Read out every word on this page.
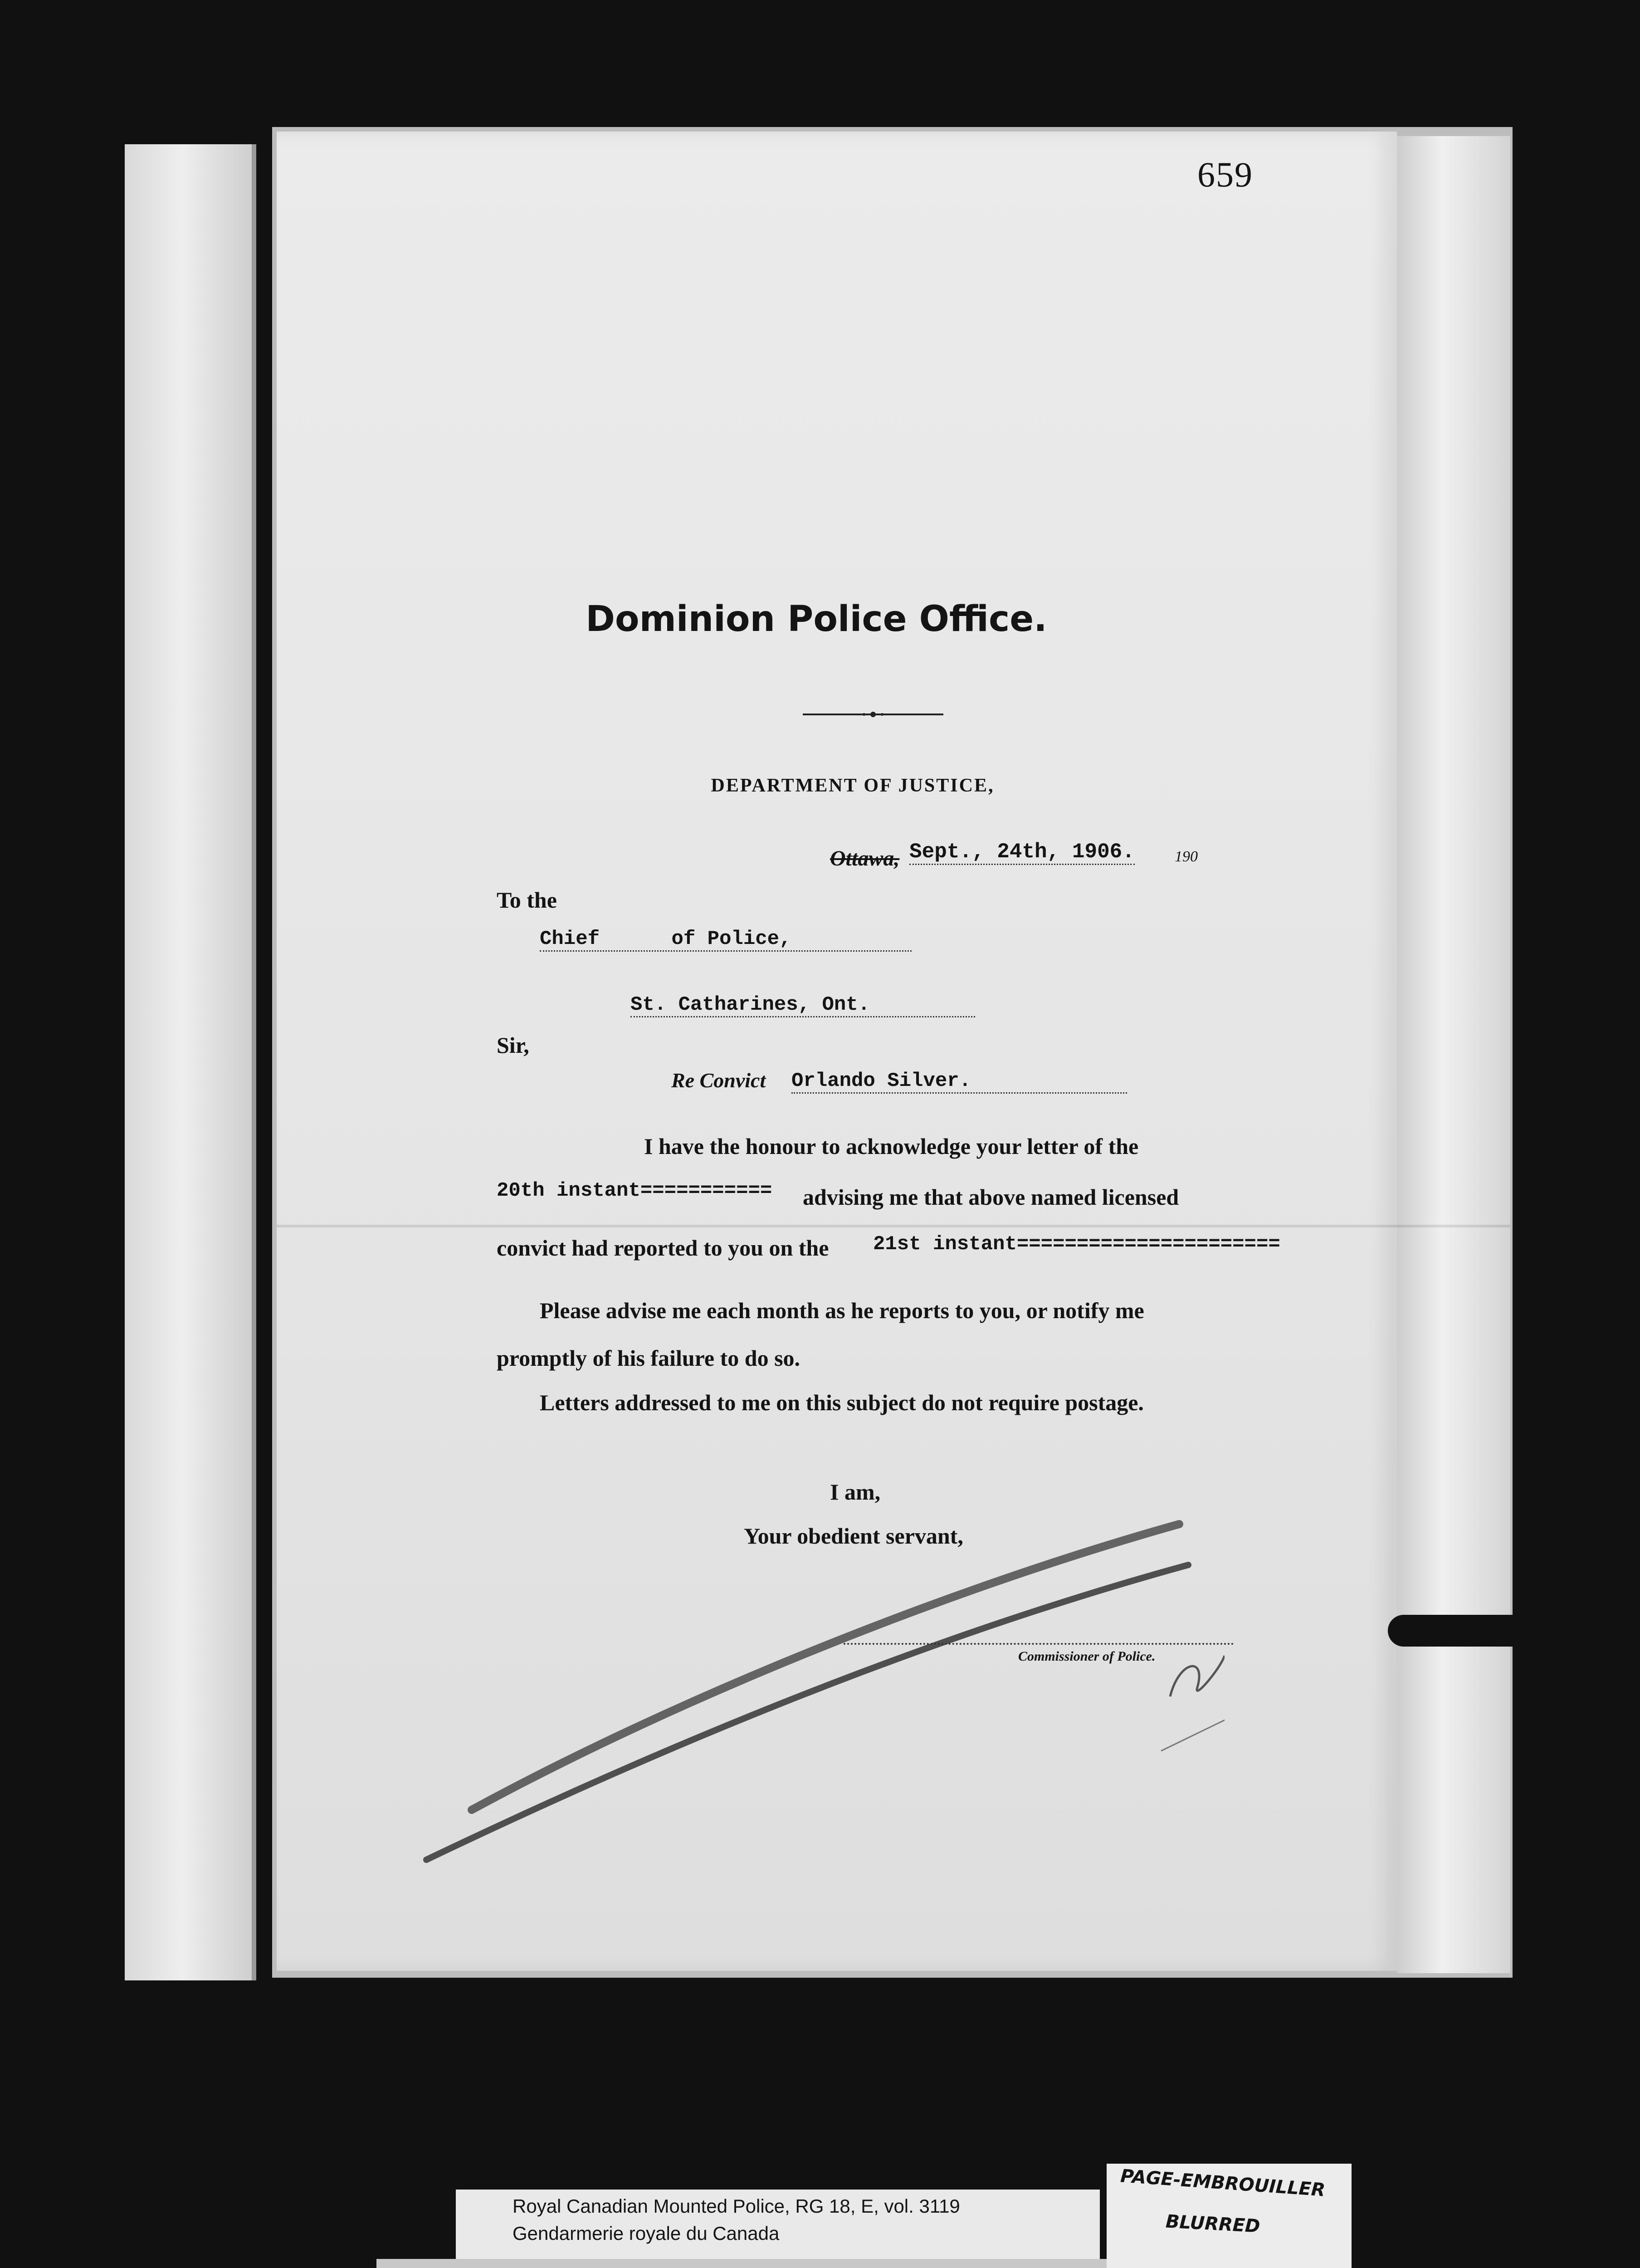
659
Dominion Police Office.
DEPARTMENT OF JUSTICE,
Ottawa, Sept., 24th, 1906.	190
To the
Chief      of Police,
St. Catharines, Ont.
Sir,
Re Convict Orlando Silver.
I have the honour to acknowledge your letter of the
20th instant=========== advising me that above named licensed
convict had reported to you on the 21st instant======================
Please advise me each month as he reports to you, or notify me
promptly of his failure to do so.
Letters addressed to me on this subject do not require postage.
I am,
Your obedient servant,
Commissioner of Police.
Royal Canadian Mounted Police, RG 18, E, vol. 3119
Gendarmerie royale du Canada
PAGE-EMBROUILLER
BLURRED
